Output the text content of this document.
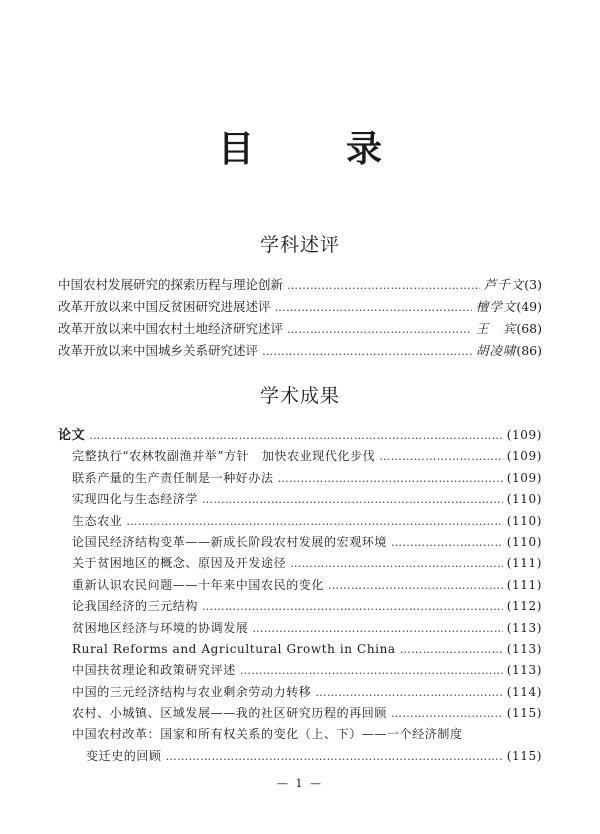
目　录
学科述评
中国农村发展研究的探索历程与理论创新 …………………………………………………………………………………………………………………………………………………………………………	芦千文 (3)
改革开放以来中国反贫困研究进展述评 …………………………………………………………………………………………………………………………………………………………………………	檀学文 (49)
改革开放以来中国农村土地经济研究述评 …………………………………………………………………………………………………………………………………………………………………………	王　宾 (68)
改革开放以来中国城乡关系研究述评 …………………………………………………………………………………………………………………………………………………………………………	胡凌啸 (86)
学术成果
论文 …………………………………………………………………………………………………………………………………………………………………………	(109)
完整执行“农林牧副渔并举”方针　加快农业现代化步伐 …………………………………………………………………………………………………………………………………………………………………………	(109)
联系产量的生产责任制是一种好办法 …………………………………………………………………………………………………………………………………………………………………………	(109)
实现四化与生态经济学 …………………………………………………………………………………………………………………………………………………………………………	(110)
生态农业 …………………………………………………………………………………………………………………………………………………………………………	(110)
论国民经济结构变革——新成长阶段农村发展的宏观环境 …………………………………………………………………………………………………………………………………………………………………………	(110)
关于贫困地区的概念、原因及开发途径 …………………………………………………………………………………………………………………………………………………………………………	(111)
重新认识农民问题——十年来中国农民的变化 …………………………………………………………………………………………………………………………………………………………………………	(111)
论我国经济的三元结构 …………………………………………………………………………………………………………………………………………………………………………	(112)
贫困地区经济与环境的协调发展 …………………………………………………………………………………………………………………………………………………………………………	(113)
Rural Reforms and Agricultural Growth in China …………………………………………………………………………………………………………………………………………………………………………	(113)
中国扶贫理论和政策研究评述 …………………………………………………………………………………………………………………………………………………………………………	(113)
中国的三元经济结构与农业剩余劳动力转移 …………………………………………………………………………………………………………………………………………………………………………	(114)
农村、小城镇、区域发展——我的社区研究历程的再回顾 …………………………………………………………………………………………………………………………………………………………………………	(115)
中国农村改革：国家和所有权关系的变化（上、下）——一个经济制度
变迁史的回顾 …………………………………………………………………………………………………………………………………………………………………………	(115)
— 1 —
